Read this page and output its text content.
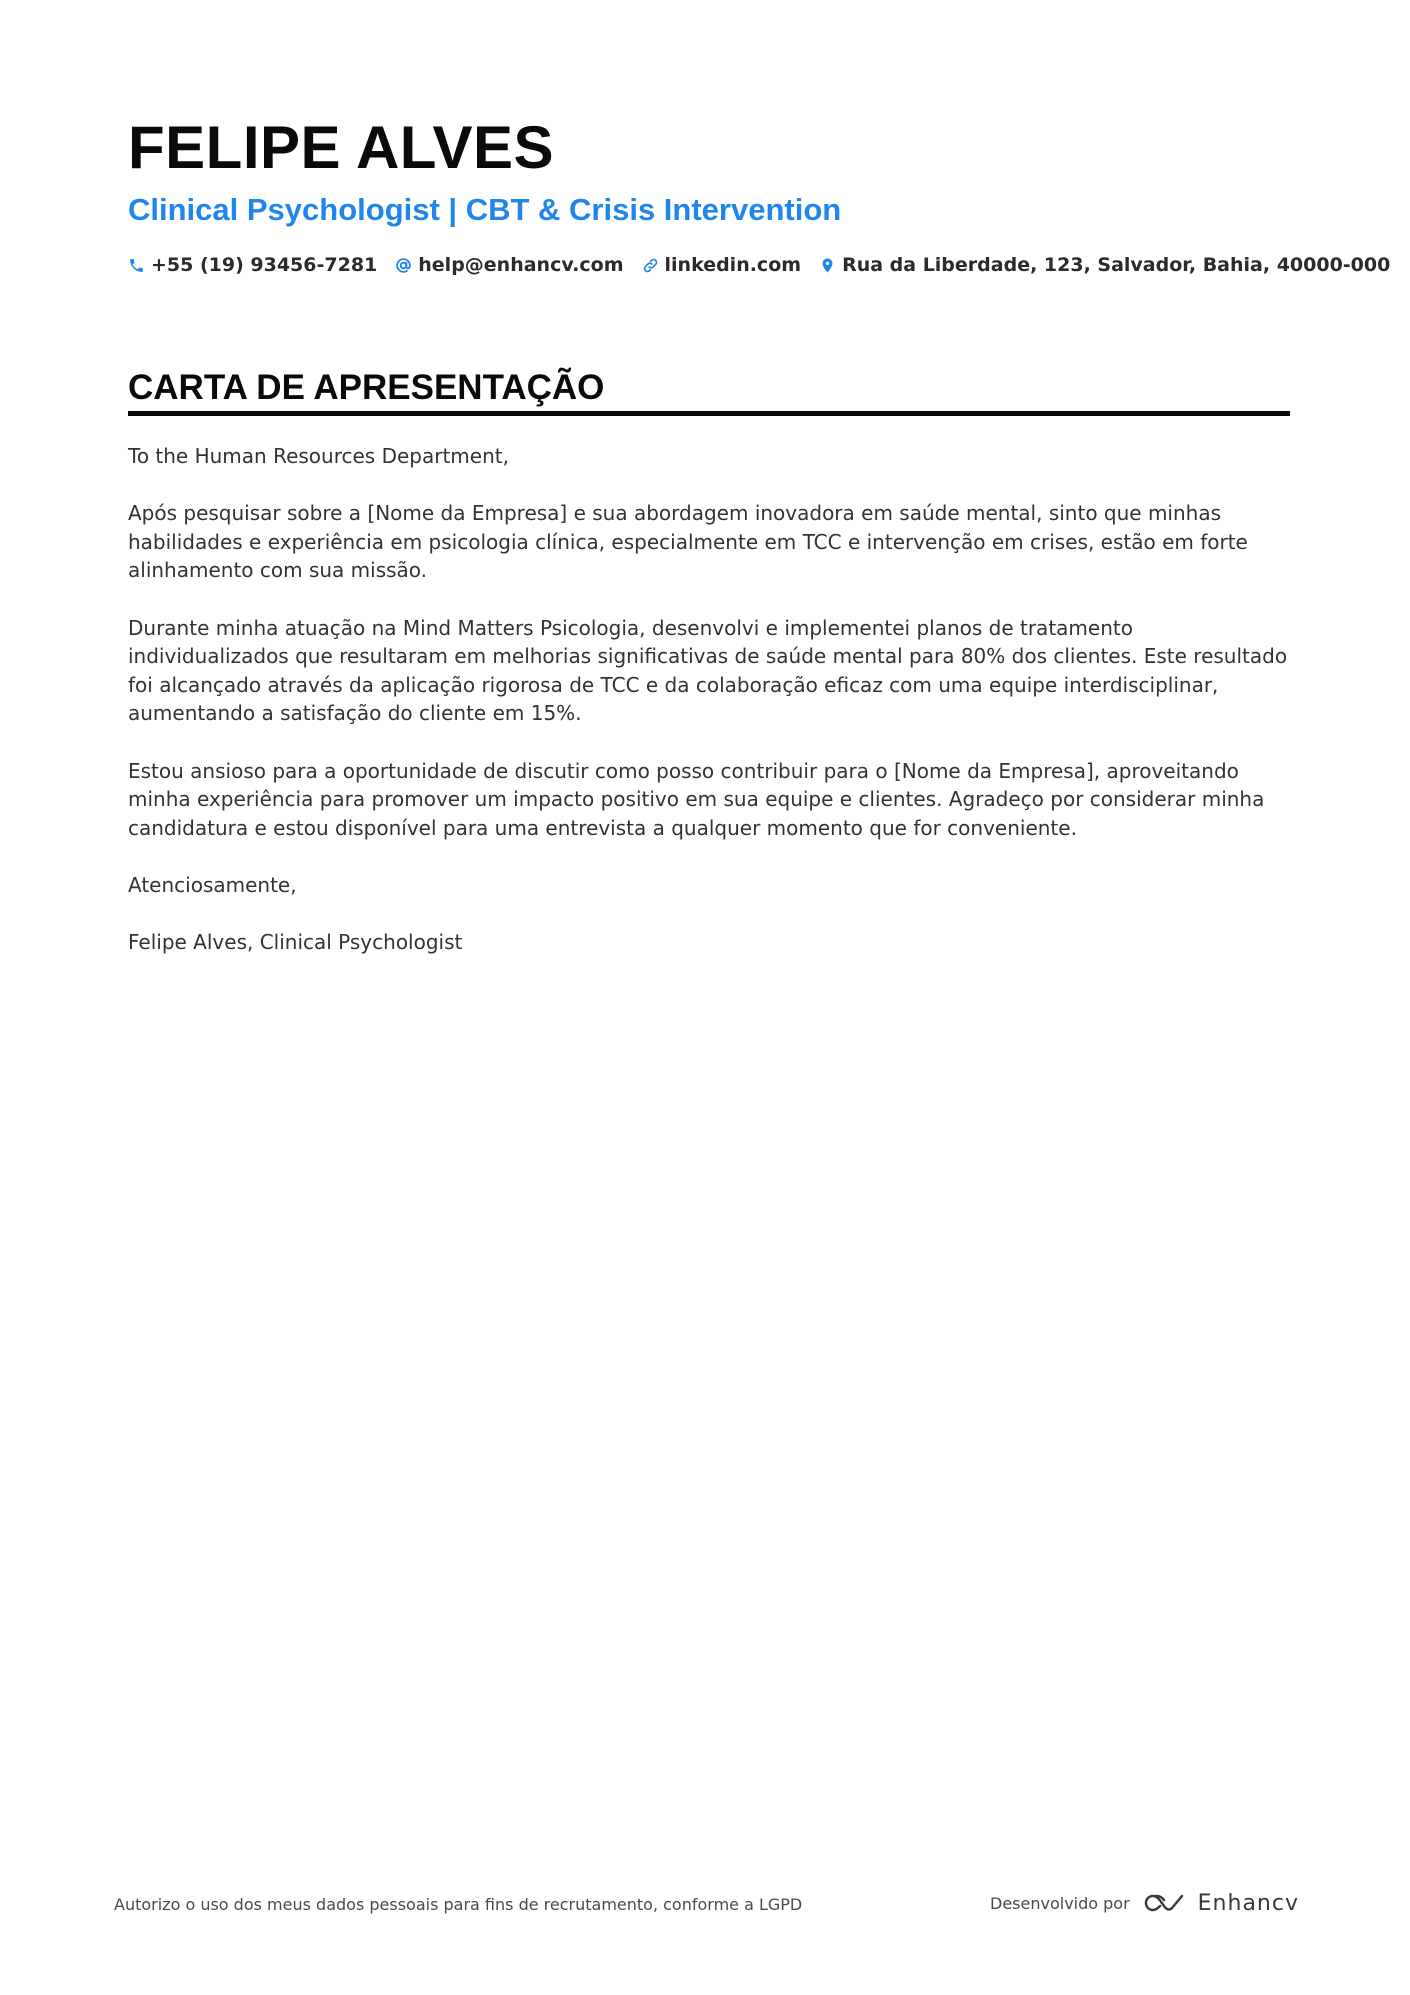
FELIPE ALVES
Clinical Psychologist | CBT & Crisis Intervention
+55 (19) 93456-7281 help@enhancv.com linkedin.com Rua da Liberdade, 123, Salvador, Bahia, 40000-000
CARTA DE APRESENTAÇÃO

To the Human Resources Department,

Após pesquisar sobre a [Nome da Empresa] e sua abordagem inovadora em saúde mental, sinto que minhas habilidades e experiência em psicologia clínica, especialmente em TCC e intervenção em crises, estão em forte alinhamento com sua missão.

Durante minha atuação na Mind Matters Psicologia, desenvolvi e implementei planos de tratamento individualizados que resultaram em melhorias significativas de saúde mental para 80% dos clientes. Este resultado foi alcançado através da aplicação rigorosa de TCC e da colaboração eficaz com uma equipe interdisciplinar, aumentando a satisfação do cliente em 15%.

Estou ansioso para a oportunidade de discutir como posso contribuir para o [Nome da Empresa], aproveitando minha experiência para promover um impacto positivo em sua equipe e clientes. Agradeço por considerar minha candidatura e estou disponível para uma entrevista a qualquer momento que for conveniente.

Atenciosamente,

Felipe Alves, Clinical Psychologist

Autorizo o uso dos meus dados pessoais para fins de recrutamento, conforme a LGPD	Desenvolvido por	Enhancv
